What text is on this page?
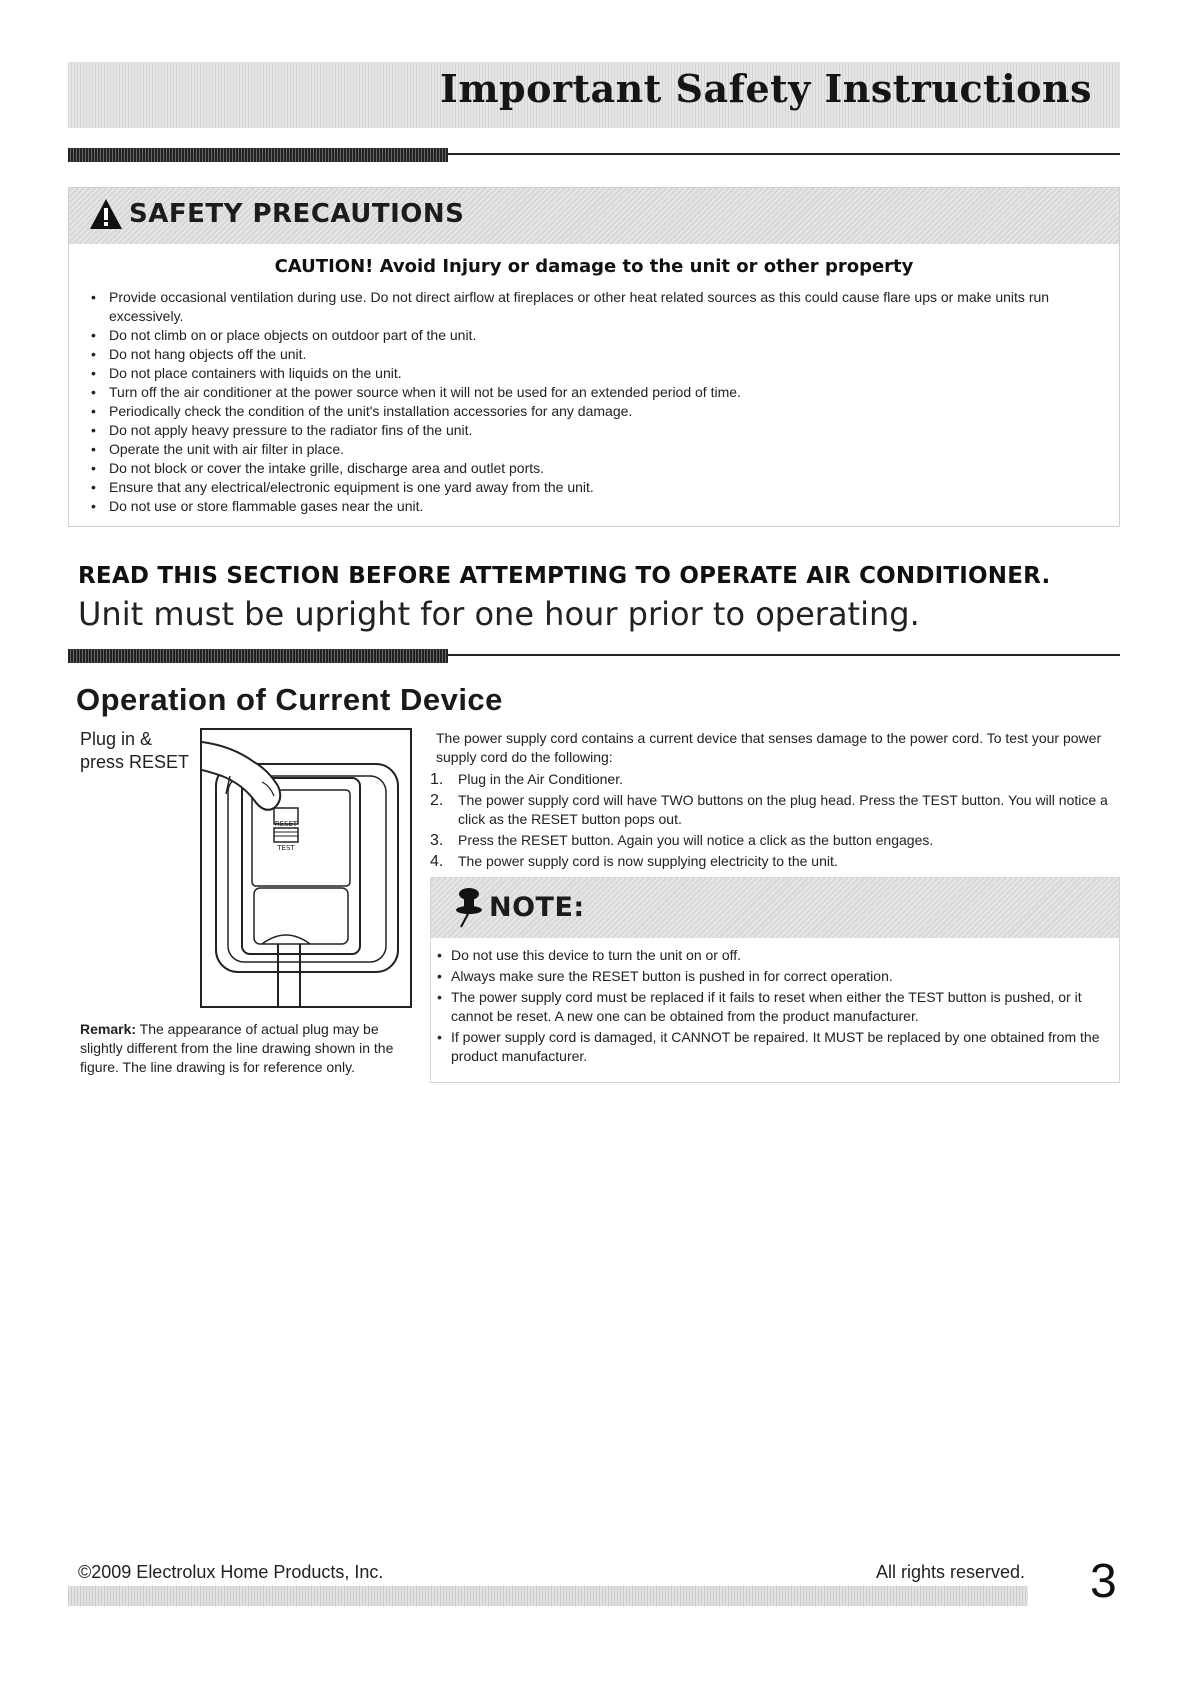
Important Safety Instructions
SAFETY PRECAUTIONS
CAUTION! Avoid Injury or damage to the unit or other property
• Provide occasional ventilation during use. Do not direct airflow at fireplaces or other heat related sources as this could cause flare ups or make units run excessively.
• Do not climb on or place objects on outdoor part of the unit.
• Do not hang objects off the unit.
• Do not place containers with liquids on the unit.
• Turn off the air conditioner at the power source when it will not be used for an extended period of time.
• Periodically check the condition of the unit's installation accessories for any damage.
• Do not apply heavy pressure to the radiator fins of the unit.
• Operate the unit with air filter in place.
• Do not block or cover the intake grille, discharge area and outlet ports.
• Ensure that any electrical/electronic equipment is one yard away from the unit.
• Do not use or store flammable gases near the unit.
READ THIS SECTION BEFORE ATTEMPTING TO OPERATE AIR CONDITIONER.
Unit must be upright for one hour prior to operating.
Operation of Current Device
Plug in &
press RESET
RESET
TEST
Remark: The appearance of actual plug may be slightly different from the line drawing shown in the figure. The line drawing is for reference only.
The power supply cord contains a current device that senses damage to the power cord. To test your power supply cord do the following:
1. Plug in the Air Conditioner.
2. The power supply cord will have TWO buttons on the plug head. Press the TEST button. You will notice a click as the RESET button pops out.
3. Press the RESET button. Again you will notice a click as the button engages.
4. The power supply cord is now supplying electricity to the unit.
NOTE:
• Do not use this device to turn the unit on or off.
• Always make sure the RESET button is pushed in for correct operation.
• The power supply cord must be replaced if it fails to reset when either the TEST button is pushed, or it cannot be reset. A new one can be obtained from the product manufacturer.
• If power supply cord is damaged, it CANNOT be repaired. It MUST be replaced by one obtained from the product manufacturer.
©2009 Electrolux Home Products, Inc.	All rights reserved. 3
